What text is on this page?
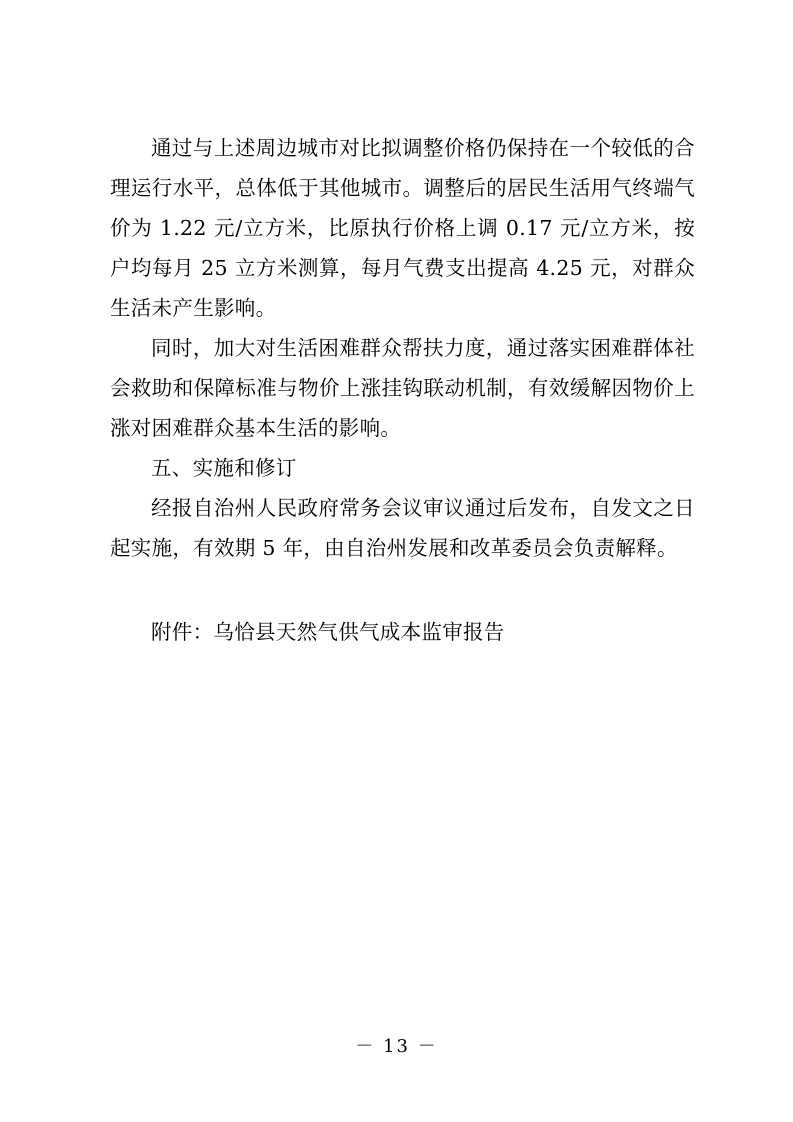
通过与上述周边城市对比拟调整价格仍保持在一个较低的合理运行水平，总体低于其他城市。调整后的居民生活用气终端气价为 1.22 元/立方米，比原执行价格上调 0.17 元/立方米，按户均每月 25 立方米测算，每月气费支出提高 4.25 元，对群众生活未产生影响。

同时，加大对生活困难群众帮扶力度，通过落实困难群体社会救助和保障标准与物价上涨挂钩联动机制，有效缓解因物价上涨对困难群众基本生活的影响。

五、实施和修订

经报自治州人民政府常务会议审议通过后发布，自发文之日起实施，有效期 5 年，由自治州发展和改革委员会负责解释。

附件：乌恰县天然气供气成本监审报告

－ 13 －
